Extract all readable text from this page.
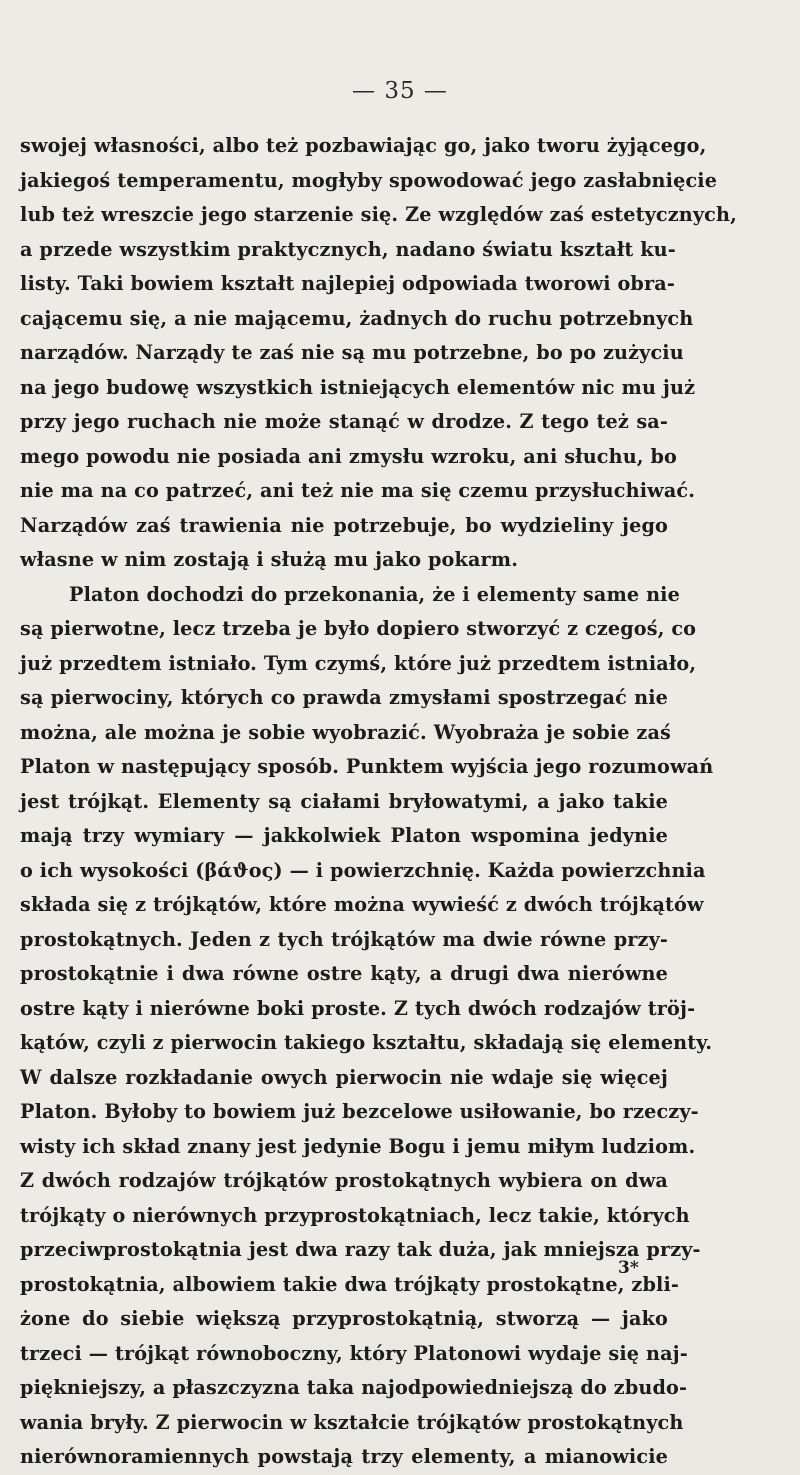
— 35 —
swojej własności, albo też pozbawiając go, jako tworu żyjącego,
jakiegoś temperamentu, mogłyby spowodować jego zasłabnięcie
lub też wreszcie jego starzenie się. Ze względów zaś estetycznych,
a przede wszystkim praktycznych, nadano światu kształt ku-
listy. Taki bowiem kształt najlepiej odpowiada tworowi obra-
cającemu się, a nie mającemu, żadnych do ruchu potrzebnych
narządów. Narządy te zaś nie są mu potrzebne, bo po zużyciu
na jego budowę wszystkich istniejących elementów nic mu już
przy jego ruchach nie może stanąć w drodze. Z tego też sa-
mego powodu nie posiada ani zmysłu wzroku, ani słuchu, bo
nie ma na co patrzeć, ani też nie ma się czemu przysłuchiwać.
Narządów zaś trawienia nie potrzebuje, bo wydzieliny jego
własne w nim zostają i służą mu jako pokarm.
Platon dochodzi do przekonania, że i elementy same nie
są pierwotne, lecz trzeba je było dopiero stworzyć z czegoś, co
już przedtem istniało. Tym czymś, które już przedtem istniało,
są pierwociny, których co prawda zmysłami spostrzegać nie
można, ale można je sobie wyobrazić. Wyobraża je sobie zaś
Platon w następujący sposób. Punktem wyjścia jego rozumowań
jest trójkąt. Elementy są ciałami bryłowatymi, a jako takie
mają trzy wymiary — jakkolwiek Platon wspomina jedynie
o ich wysokości (βάϑος) — i powierzchnię. Każda powierzchnia
składa się z trójkątów, które można wywieść z dwóch trójkątów
prostokątnych. Jeden z tych trójkątów ma dwie równe przy-
prostokątnie i dwa równe ostre kąty, a drugi dwa nierówne
ostre kąty i nierówne boki proste. Z tych dwóch rodzajów tröj-
kątów, czyli z pierwocin takiego kształtu, składają się elementy.
W dalsze rozkładanie owych pierwocin nie wdaje się więcej
Platon. Byłoby to bowiem już bezcelowe usiłowanie, bo rzeczy-
wisty ich skład znany jest jedynie Bogu i jemu miłym ludziom.
Z dwóch rodzajów trójkątów prostokątnych wybiera on dwa
trójkąty o nierównych przyprostokątniach, lecz takie, których
przeciwprostokątnia jest dwa razy tak duża, jak mniejsza przy-
prostokątnia, albowiem takie dwa trójkąty prostokątne, zbli-
żone do siebie większą przyprostokątnią, stworzą — jako
trzeci — trójkąt równoboczny, który Platonowi wydaje się naj-
piękniejszy, a płaszczyzna taka najodpowiedniejszą do zbudo-
wania bryły. Z pierwocin w kształcie trójkątów prostokątnych
nierównoramiennych powstają trzy elementy, a mianowicie
3*
